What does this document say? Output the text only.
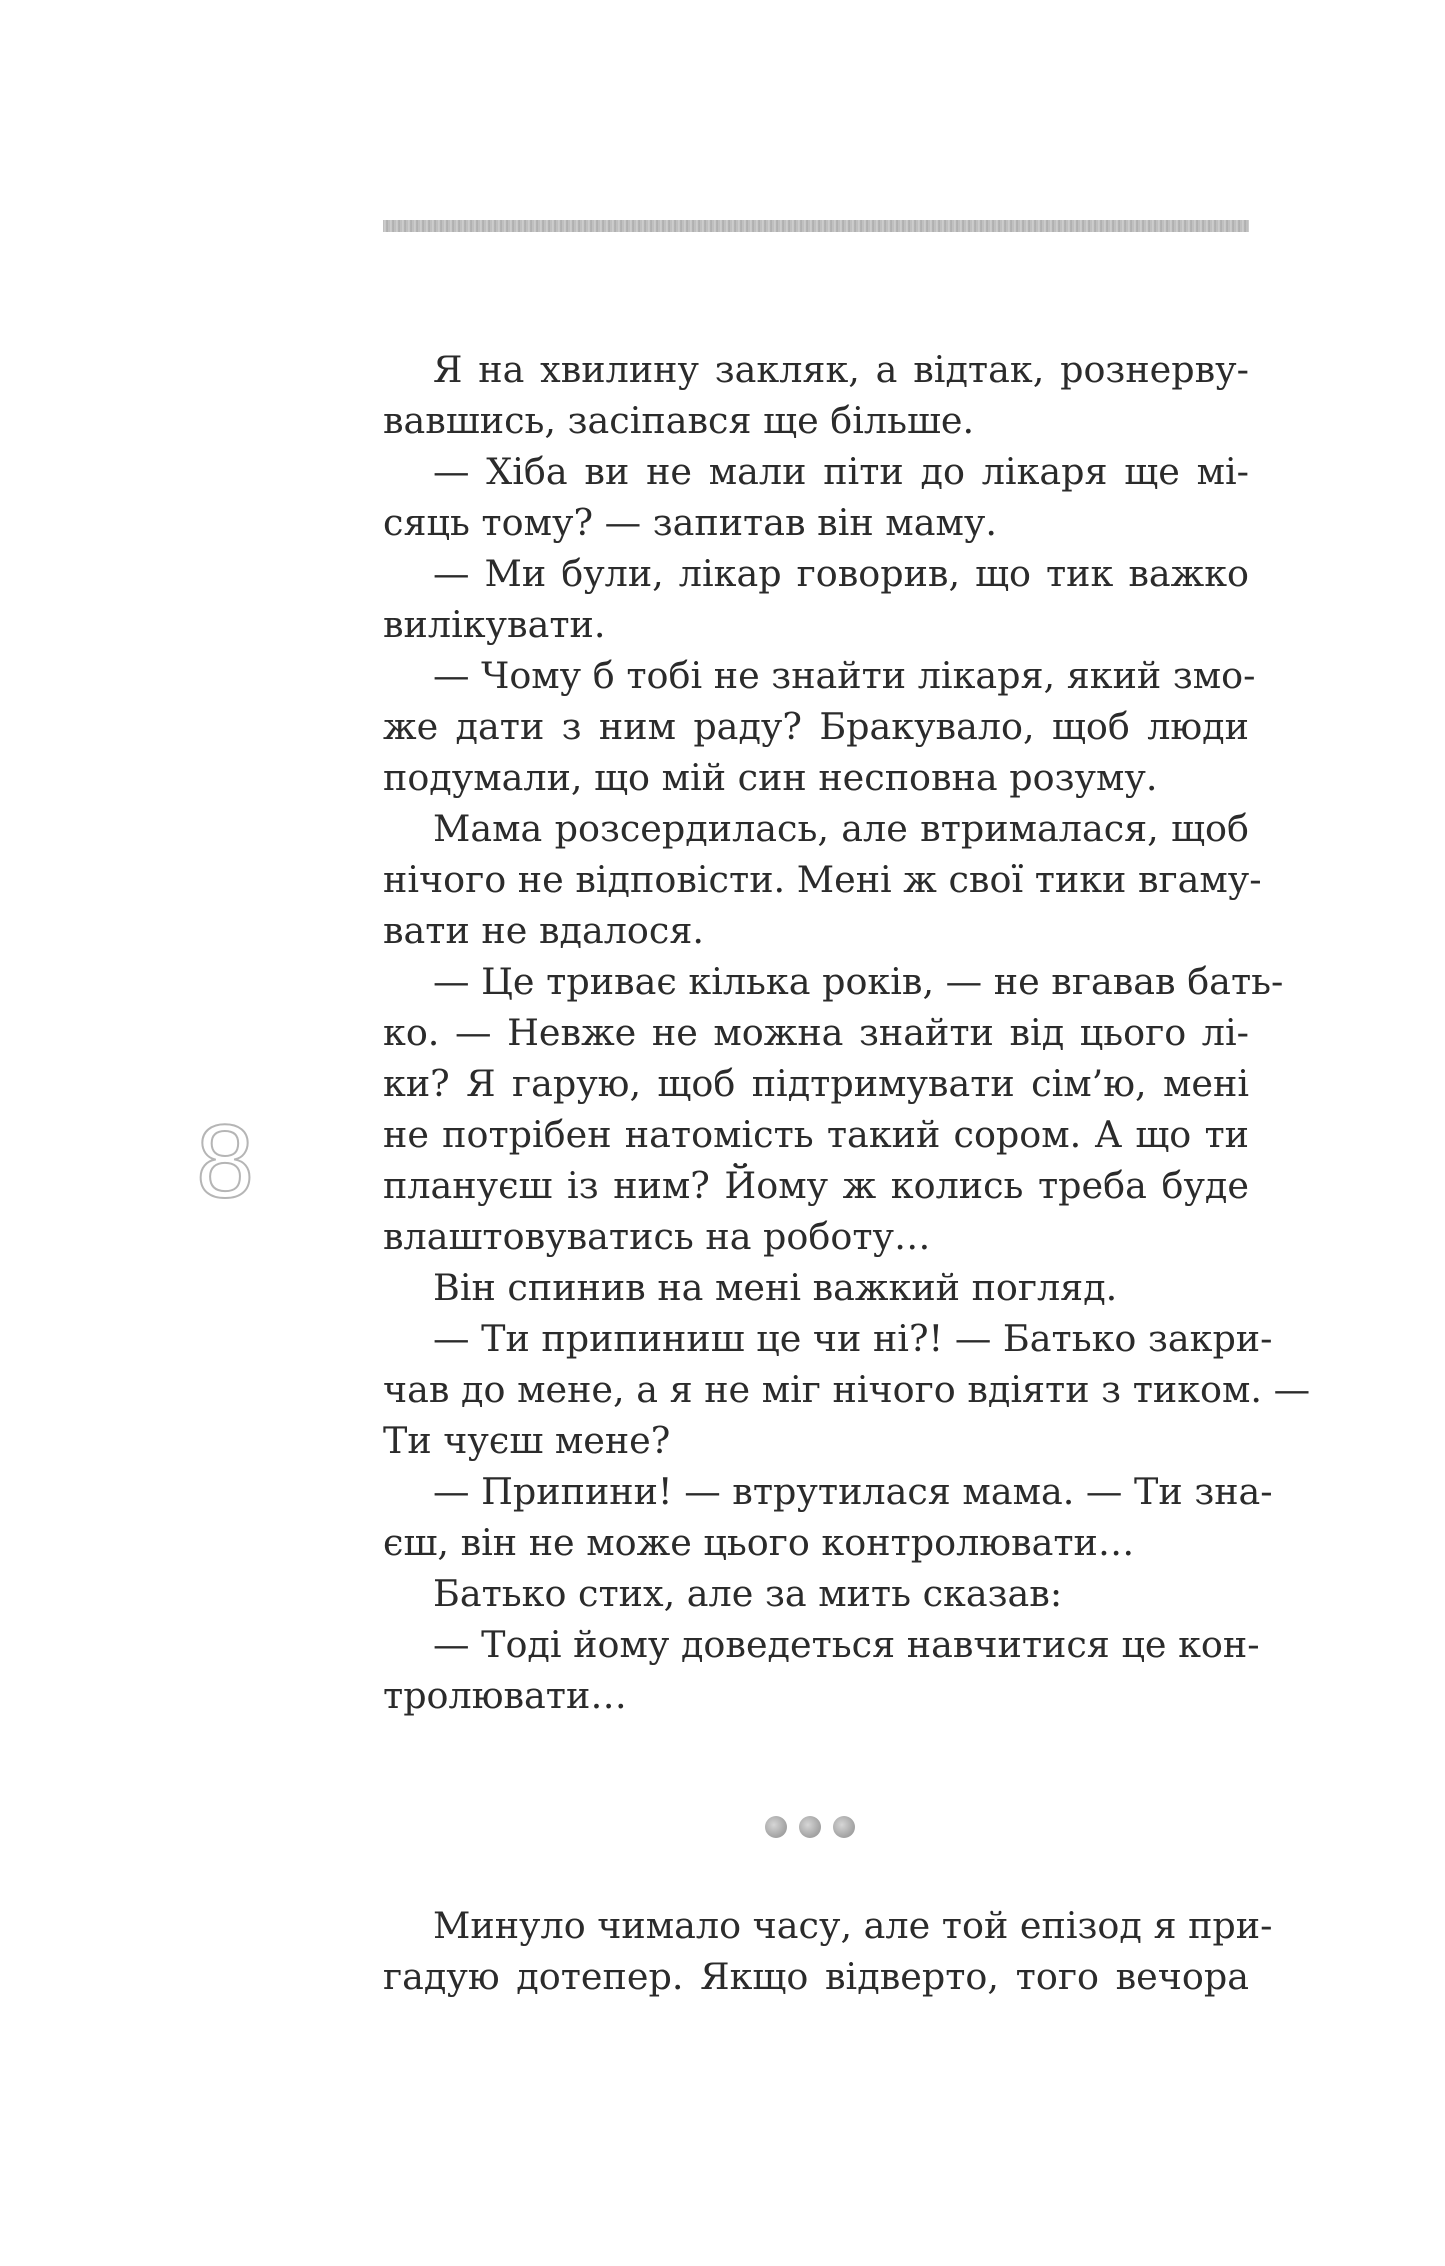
8
Я на хвилину закляк, а відтак, рознерву-
вавшись, засіпався ще більше.
— Хіба ви не мали піти до лікаря ще мі-
сяць тому? — запитав він маму.
— Ми були, лікар говорив, що тик важко
вилікувати.
— Чому б тобі не знайти лікаря, який змо-
же дати з ним раду? Бракувало, щоб люди
подумали, що мій син несповна розуму.
Мама розсердилась, але втрималася, щоб
нічого не відповісти. Мені ж свої тики вгаму-
вати не вдалося.
— Це триває кілька років, — не вгавав бать-
ко. — Невже не можна знайти від цього лі-
ки? Я гарую, щоб підтримувати сім’ю, мені
не потрібен натомість такий сором. А що ти
плануєш із ним? Йому ж колись треба буде
влаштовуватись на роботу…
Він спинив на мені важкий погляд.
— Ти припиниш це чи ні?! — Батько закри-
чав до мене, а я не міг нічого вдіяти з тиком. —
Ти чуєш мене?
— Припини! — втрутилася мама. — Ти зна-
єш, він не може цього контролювати…
Батько стих, але за мить сказав:
— Тоді йому доведеться навчитися це кон-
тролювати…
Минуло чимало часу, але той епізод я при-
гадую дотепер. Якщо відверто, того вечора
